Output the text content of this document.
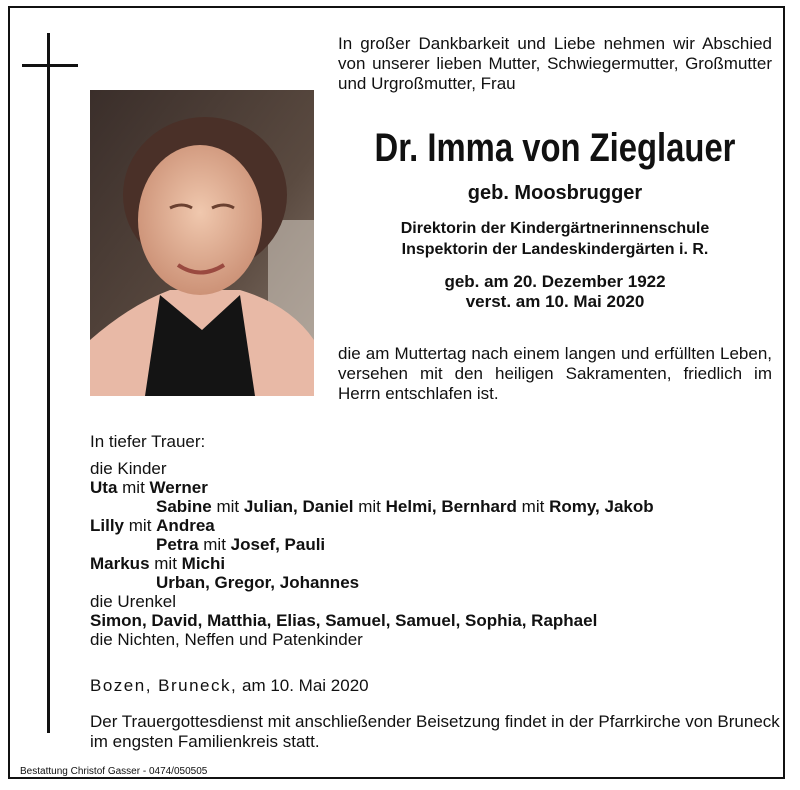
In großer Dankbarkeit und Liebe nehmen wir Abschied von unserer lieben Mutter, Schwiegermutter, Großmutter und Urgroßmutter, Frau
Dr. Imma von Zieglauer
geb. Moosbrugger
Direktorin der Kindergärtnerinnenschule
Inspektorin der Landeskindergärten i. R.
geb. am 20. Dezember 1922
verst. am 10. Mai 2020
die am Muttertag nach einem langen und erfüllten Leben, versehen mit den heiligen Sakramenten, friedlich im Herrn entschlafen ist.
In tiefer Trauer:
die Kinder
Uta mit Werner
Sabine mit Julian, Daniel mit Helmi, Bernhard mit Romy, Jakob
Lilly mit Andrea
Petra mit Josef, Pauli
Markus mit Michi
Urban, Gregor, Johannes
die Urenkel
Simon, David, Matthia, Elias, Samuel, Samuel, Sophia, Raphael
die Nichten, Neffen und Patenkinder
Bozen, Bruneck, am 10. Mai 2020
Der Trauergottesdienst mit anschließender Beisetzung findet in der Pfarrkirche von Bruneck im engsten Familienkreis statt.
Bestattung Christof Gasser - 0474/050505
